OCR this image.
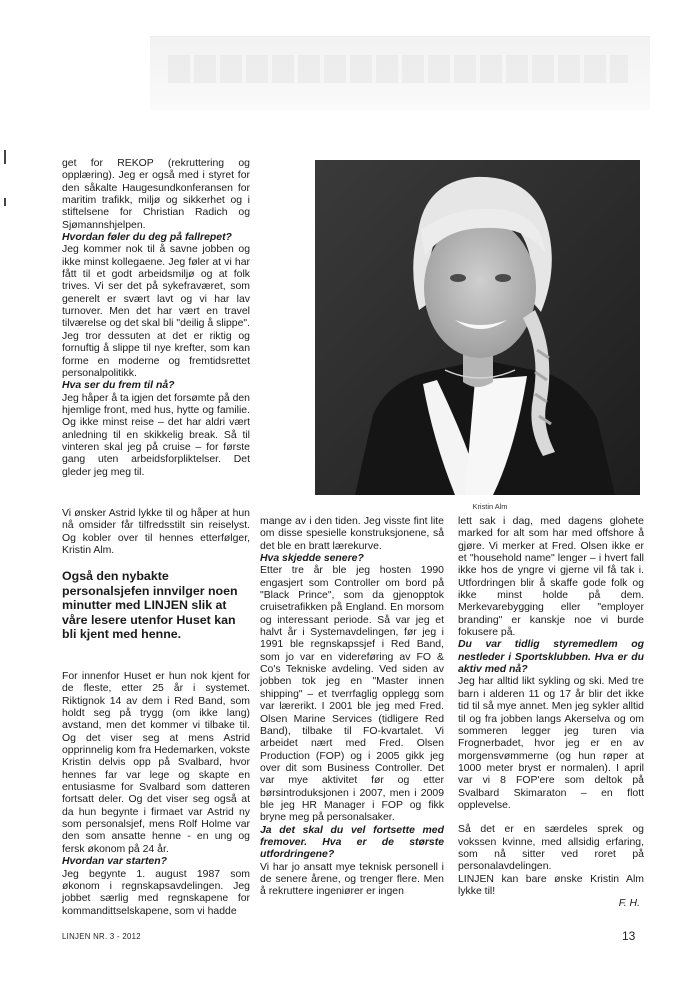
get for REKOP (rekruttering og opplæring). Jeg er også med i styret for den såkalte Haugesundkonferansen for maritim trafikk, miljø og sikkerhet og i stiftelsene for Christian Radich og Sjømannshjelpen.

Hvordan føler du deg på fallrepet?

Jeg kommer nok til å savne jobben og ikke minst kollegaene. Jeg føler at vi har fått til et godt arbeidsmiljø og at folk trives. Vi ser det på sykefraværet, som generelt er svært lavt og vi har lav turnover. Men det har vært en travel tilværelse og det skal bli "deilig å slippe". Jeg tror dessuten at det er riktig og fornuftig å slippe til nye krefter, som kan forme en moderne og fremtidsrettet personalpolitikk.

Hva ser du frem til nå?

Jeg håper å ta igjen det forsømte på den hjemlige front, med hus, hytte og familie. Og ikke minst reise – det har aldri vært anledning til en skikkelig break. Så til vinteren skal jeg på cruise – for første gang uten arbeidsforpliktelser. Det gleder jeg meg til.

Vi ønsker Astrid lykke til og håper at hun nå omsider får tilfredsstilt sin reiselyst. Og kobler over til hennes etterfølger, Kristin Alm.

Også den nybakte personalsjefen innvilger noen minutter med LINJEN slik at våre lesere utenfor Huset kan bli kjent med henne.

For innenfor Huset er hun nok kjent for de fleste, etter 25 år i systemet. Riktignok 14 av dem i Red Band, som holdt seg på trygg (om ikke lang) avstand, men det kommer vi tilbake til. Og det viser seg at mens Astrid opprinnelig kom fra Hedemarken, vokste Kristin delvis opp på Svalbard, hvor hennes far var lege og skapte en entusiasme for Svalbard som datteren fortsatt deler. Og det viser seg også at da hun begynte i firmaet var Astrid ny som personalsjef, mens Rolf Holme var den som ansatte henne - en ung og fersk økonom på 24 år.

Hvordan var starten?

Jeg begynte 1. august 1987 som økonom i regnskapsavdelingen. Jeg jobbet særlig med regnskapene for kommandittselskapene, som vi hadde

Kristin Alm

mange av i den tiden. Jeg visste fint lite om disse spesielle konstruksjonene, så det ble en bratt lærekurve.

Hva skjedde senere?

Etter tre år ble jeg hosten 1990 engasjert som Controller om bord på "Black Prince", som da gjenopptok cruisetrafikken på England. En morsom og interessant periode. Så var jeg et halvt år i Systemavdelingen, før jeg i 1991 ble regnskapssjef i Red Band, som jo var en videreføring av FO & Co's Tekniske avdeling. Ved siden av jobben tok jeg en "Master innen shipping" – et tverrfaglig opplegg som var lærerikt. I 2001 ble jeg med Fred. Olsen Marine Services (tidligere Red Band), tilbake til FO-kvartalet. Vi arbeidet nært med Fred. Olsen Production (FOP) og i 2005 gikk jeg over dit som Business Controller. Det var mye aktivitet før og etter børsintroduksjonen i 2007, men i 2009 ble jeg HR Manager i FOP og fikk bryne meg på personalsaker.

Ja det skal du vel fortsette med fremover. Hva er de største utfordringene?

Vi har jo ansatt mye teknisk personell i de senere årene, og trenger flere. Men å rekruttere ingeniører er ingen

lett sak i dag, med dagens glohete marked for alt som har med offshore å gjøre. Vi merker at Fred. Olsen ikke er et "household name" lenger – i hvert fall ikke hos de yngre vi gjerne vil få tak i. Utfordringen blir å skaffe gode folk og ikke minst holde på dem. Merkevarebygging eller "employer branding" er kanskje noe vi burde fokusere på.

Du var tidlig styremedlem og nestleder i Sportsklubben. Hva er du aktiv med nå?

Jeg har alltid likt sykling og ski. Med tre barn i alderen 11 og 17 år blir det ikke tid til så mye annet. Men jeg sykler alltid til og fra jobben langs Akerselva og om sommeren legger jeg turen via Frognerbadet, hvor jeg er en av morgensvømmerne (og hun røper at 1000 meter bryst er normalen). I april var vi 8 FOP'ere som deltok på Svalbard Skimaraton – en flott opplevelse.

Så det er en særdeles sprek og vokssen kvinne, med allsidig erfaring, som nå sitter ved roret på personalavdelingen.

LINJEN kan bare ønske Kristin Alm lykke til!

F. H.

LINJEN NR. 3 - 2012	13
